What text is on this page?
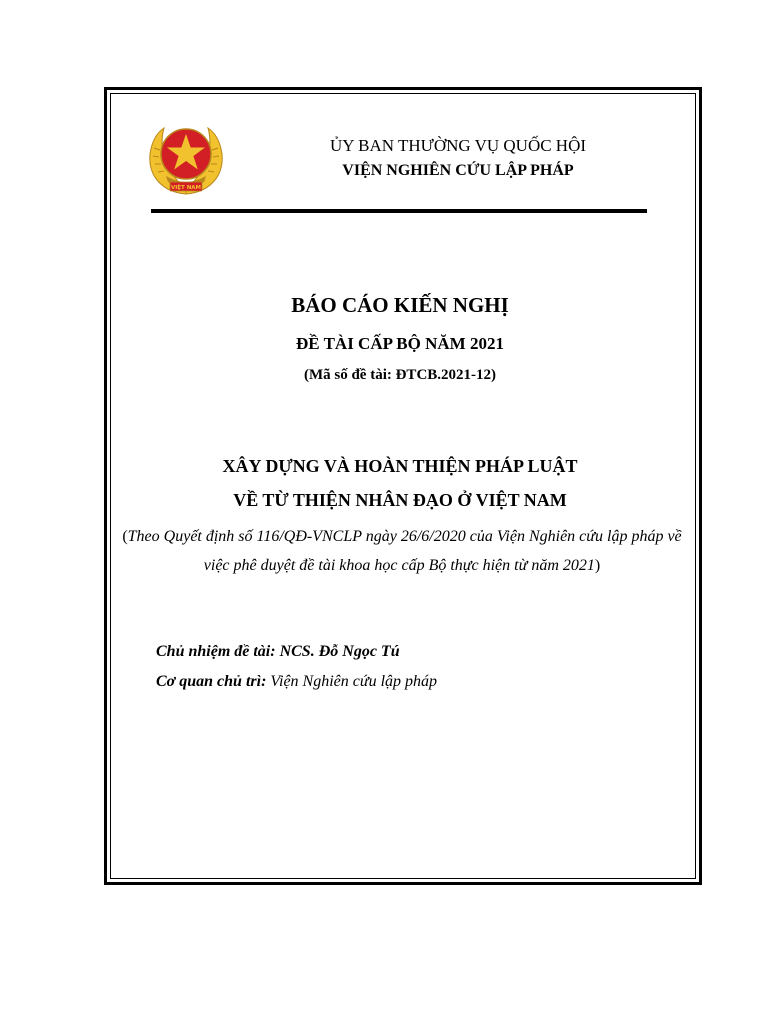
VIỆT NAM
ỦY BAN THƯỜNG VỤ QUỐC HỘI
VIỆN NGHIÊN CỨU LẬP PHÁP
BÁO CÁO KIẾN NGHỊ
ĐỀ TÀI CẤP BỘ NĂM 2021
(Mã số đề tài: ĐTCB.2021-12)
XÂY DỰNG VÀ HOÀN THIỆN PHÁP LUẬT
VỀ TỪ THIỆN NHÂN ĐẠO Ở VIỆT NAM
(Theo Quyết định số 116/QĐ-VNCLP ngày 26/6/2020 của Viện Nghiên cứu lập pháp về việc phê duyệt đề tài khoa học cấp Bộ thực hiện từ năm 2021)
Chủ nhiệm đề tài: NCS. Đỗ Ngọc Tú
Cơ quan chủ trì: Viện Nghiên cứu lập pháp
